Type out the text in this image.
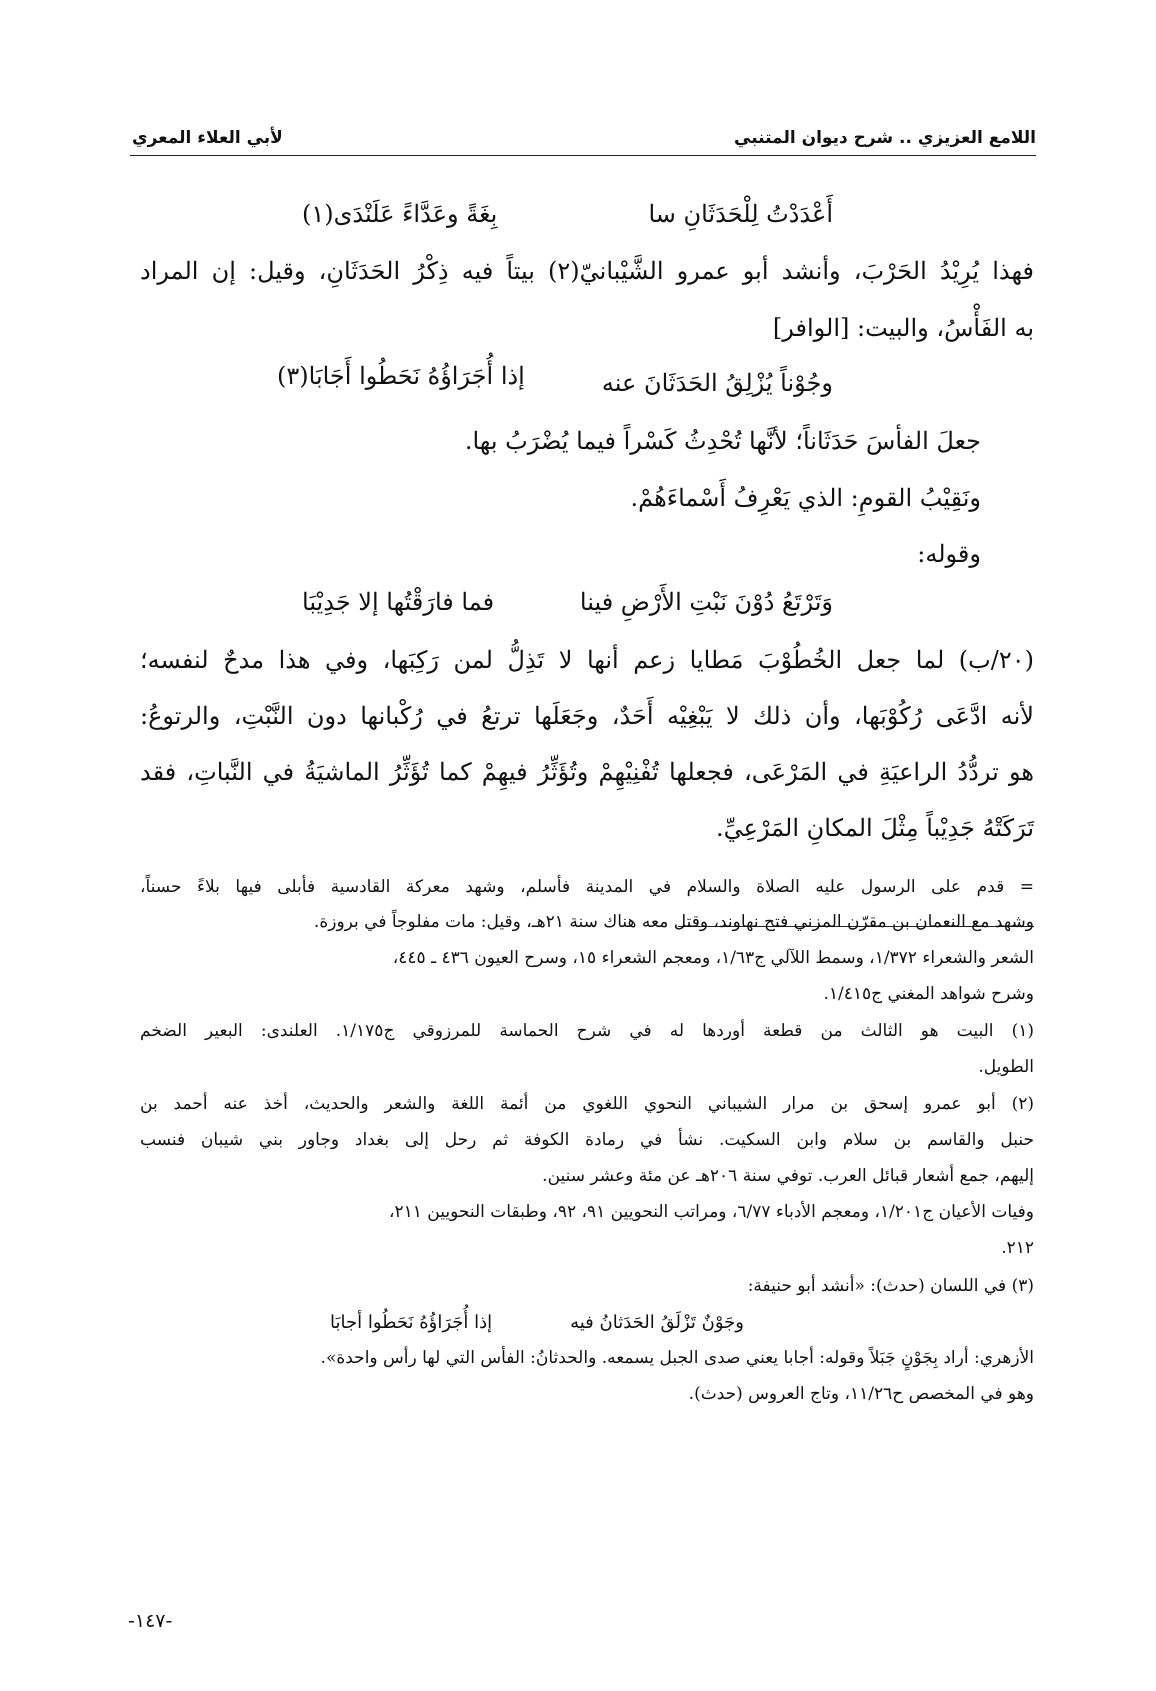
اللامع العزيزي .. شرح ديوان المتنبي
لأبي العلاء المعري
أَعْدَدْتُ لِلْحَدَثَانِ سا
بِغَةً وعَدَّاءً عَلَنْدَى(١)
فهذا يُرِيْدُ الحَرْبَ، وأنشد أبو عمرو الشَّيْبانيّ(٢) بيتاً فيه ذِكْرُ الحَدَثَانِ، وقيل: إن المراد
به الفَأْسُ، والبيت: [الوافر]
وجُوْناً يُزْلِقُ الحَدَثَانَ عنه
إذا أُجَرَاؤُهُ نَحَطُوا أَجَابَا(٣)
جعلَ الفأسَ حَدَثَاناً؛ لأنَّها تُحْدِثُ كَسْراً فيما يُضْرَبُ بها.
ونَقِيْبُ القومِ: الذي يَعْرِفُ أَسْماءَهُمْ.
وقوله:
وَتَرْتَعُ دُوْنَ نَبْتِ الأَرْضِ فينا
فما فارَقْتُها إلا جَدِيْبَا
(٢٠/ب) لما جعل الخُطُوْبَ مَطايا زعم أنها لا تَذِلُّ لمن رَكِبَها، وفي هذا مدحٌ لنفسه؛
لأنه ادَّعَى رُكُوْبَها، وأن ذلك لا يَبْغِيْه أَحَدٌ، وجَعَلَها ترتعُ في رُكْبانها دون النَّبْتِ، والرتوعُ:
هو تردُّدُ الراعيَةِ في المَرْعَى، فجعلها تُفْنِيْهِمْ وتُؤَثِّرُ فيهِمْ كما تُؤَثِّرُ الماشيَةُ في النَّباتِ، فقد
تَرَكَتْهُ جَدِيْباً مِثْلَ المكانِ المَرْعِيِّ.
= قدم على الرسول عليه الصلاة والسلام في المدينة فأسلم، وشهد معركة القادسية فأبلى فيها بلاءً حسناً،
وشهد مع النعمان بن مقرّن المزني فتح نهاوند، وقتل معه هناك سنة ٢١هـ، وقيل: مات مفلوجاً في بروزة.
الشعر والشعراء ١/٣٧٢، وسمط اللآلي ج١/٦٣، ومعجم الشعراء ١٥، وسرح العيون ٤٣٦ ـ ٤٤٥،
وشرح شواهد المغني ج١/٤١٥.
(١) البيت هو الثالث من قطعة أوردها له في شرح الحماسة للمرزوقي ج١/١٧٥. العلندى: البعير الضخم
الطويل.
(٢) أبو عمرو إسحق بن مرار الشيباني النحوي اللغوي من أئمة اللغة والشعر والحديث، أخذ عنه أحمد بن
حنبل والقاسم بن سلام وابن السكيت. نشأ في رمادة الكوفة ثم رحل إلى بغداد وجاور بني شيبان فنسب
إليهم، جمع أشعار قبائل العرب. توفي سنة ٢٠٦هـ عن مئة وعشر سنين.
وفيات الأعيان ج١/٢٠١، ومعجم الأدباء ٦/٧٧، ومراتب النحويين ٩١، ٩٢، وطبقات النحويين ٢١١،
٢١٢.
(٣) في اللسان (حدث): «أنشد أبو حنيفة:
وجَوْنٌ تَزْلَقُ الحَدَثانُ فيه
إذا أُجَرَاؤُهُ نَحَطُوا أجابَا
الأزهري: أراد بِجَوْنٍ جَبَلاً وقوله: أجابا يعني صدى الجبل يسمعه. والحدثانُ: الفأس التي لها رأس واحدة».
وهو في المخصص ح١١/٢٦، وتاج العروس (حدث).
-١٤٧-
